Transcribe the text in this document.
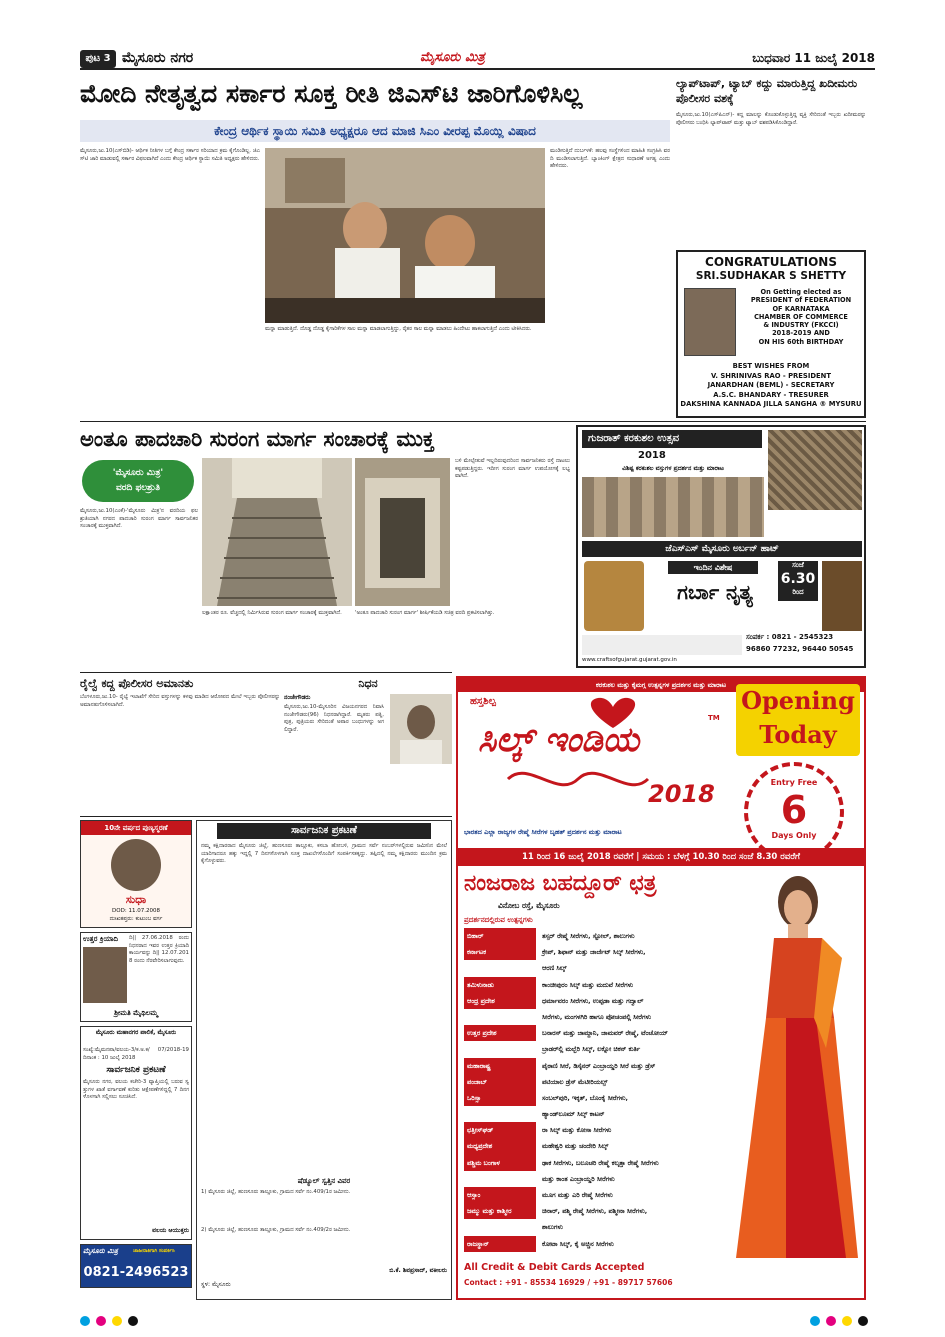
ಪುಟ 3 ಮೈಸೂರು ನಗರ	ಮೈಸೂರು ಮಿತ್ರ	ಬುಧವಾರ 11 ಜುಲೈ 2018
ಮೋದಿ ನೇತೃತ್ವದ ಸರ್ಕಾರ ಸೂಕ್ತ ರೀತಿ ಜಿಎಸ್‌ಟಿ ಜಾರಿಗೊಳಿಸಿಲ್ಲ
ಕೇಂದ್ರ ಆರ್ಥಿಕ ಸ್ಥಾಯಿ ಸಮಿತಿ ಅಧ್ಯಕ್ಷರೂ ಆದ ಮಾಜಿ ಸಿಎಂ ವೀರಪ್ಪ ಮೊಯ್ಲಿ ವಿಷಾದ
ಮೈಸೂರು,ಜು.10(ಎಸ್‌ಬಿಡಿ)- ಆರ್ಥಿಕ ನೀತಿಗಳ ಬಗ್ಗೆ ಕೇಂದ್ರ ಸರ್ಕಾರ ಸರಿಯಾದ ಕ್ರಮ ಕೈಗೊಂಡಿಲ್ಲ. ಜಿಎಸ್‌ಟಿ ಜಾರಿ ಮಾಡುವಲ್ಲಿ ಸರ್ಕಾರ ವಿಫಲವಾಗಿದೆ ಎಂದು ಕೇಂದ್ರ ಆರ್ಥಿಕ ಸ್ಥಾಯಿ ಸಮಿತಿ ಅಧ್ಯಕ್ಷರು ಹೇಳಿದರು.
ಮನ್ನಾ ಮಾಡುತ್ತಿದೆ. ದೊಡ್ಡ ದೊಡ್ಡ ಕೈಗಾರಿಕೆಗಳ ಸಾಲ ಮನ್ನಾ ಮಾಡಲಾಗುತ್ತಿದ್ದು, ರೈತರ ಸಾಲ ಮನ್ನಾ ಮಾಡಲು ಹಿಂದೇಟು ಹಾಕಲಾಗುತ್ತಿದೆ ಎಂದು ಟೀಕಿಸಿದರು.
ಮಂಡಿಸುತ್ತಿದೆ ದುರ್ಬಳಕೆ: ಹಲವು ಸಂಸ್ಥೆಗಳಿಂದ ಮಾಹಿತಿ ಸಂಗ್ರಹಿಸಿ ವರದಿ ಮಂಡಿಸಲಾಗುತ್ತಿದೆ. ಬ್ಯಾಂಕಿಂಗ್ ಕ್ಷೇತ್ರದ ಸುಧಾರಣೆ ಅಗತ್ಯ ಎಂದು ಹೇಳಿದರು.
ಲ್ಯಾಪ್‌ಟಾಪ್, ಟ್ಯಾಬ್ ಕದ್ದು ಮಾರುತ್ತಿದ್ದ ಖದೀಮರು ಪೊಲೀಸರ ವಶಕ್ಕೆ
ಮೈಸೂರು,ಜು.10(ಎಸ್‌ಪಿಎನ್)- ಕದ್ದ ಮಾಲನ್ನು ಕೊಂಡುಕೊಳ್ಳುತ್ತಿದ್ದ ವ್ಯಕ್ತಿ ಸೇರಿದಂತೆ ಇಬ್ಬರು ಖದೀಮರನ್ನು ಪೊಲೀಸರು ಬಂಧಿಸಿ ಲ್ಯಾಪ್‌ಟಾಪ್ ಮತ್ತು ಟ್ಯಾಬ್ ವಶಪಡಿಸಿಕೊಂಡಿದ್ದಾರೆ.
CONGRATULATIONS
SRI.SUDHAKAR S SHETTY
On Getting elected as
PRESIDENT of FEDERATION
OF KARNATAKA
CHAMBER OF COMMERCE
& INDUSTRY (FKCCI)
2018-2019 AND
ON HIS 60th BIRTHDAY
BEST WISHES FROM
V. SHRINIVAS RAO - PRESIDENT
JANARDHAN (BEML) - SECRETARY
A.S.C. BHANDARY - TRESURER
DAKSHINA KANNADA JILLA SANGHA ® MYSURU
ಅಂತೂ ಪಾದಚಾರಿ ಸುರಂಗ ಮಾರ್ಗ ಸಂಚಾರಕ್ಕೆ ಮುಕ್ತ
'ಮೈಸೂರು ಮಿತ್ರ'
ವರದಿ ಫಲಶ್ರುತಿ
ಮೈಸೂರು,ಜು.10(ಎಂಕೆ)-'ಮೈಸೂರು ಮಿತ್ರ'ನ ವರದಿಯ ಫಲಶ್ರುತಿಯಾಗಿ ನಗರದ ಪಾದಚಾರಿ ಸುರಂಗ ಮಾರ್ಗ ಸಾರ್ವಜನಿಕರ ಸಂಚಾರಕ್ಕೆ ಮುಕ್ತವಾಗಿದೆ.
ಲಕ್ಷಾಂತರ ರೂ. ವೆಚ್ಚದಲ್ಲಿ ನಿರ್ಮಿಸಿರುವ ಸುರಂಗ ಮಾರ್ಗ ಸಂಚಾರಕ್ಕೆ ಮುಕ್ತವಾಗಿದೆ.	'ಅಂತೂ ಪಾದಚಾರಿ ಸುರಂಗ ಮಾರ್ಗ' ಶೀರ್ಷಿಕೆಯಡಿ ಸಚಿತ್ರ ವರದಿ ಪ್ರಕಟಿಸಲಾಗಿತ್ತು.
ಬಳಿ ಮೇಲ್ಸೇತುವೆ ಇಲ್ಲದಿರುವುದರಿಂದ ಸಾರ್ವಜನಿಕರು ರಸ್ತೆ ದಾಟಲು ಕಷ್ಟಪಡುತ್ತಿದ್ದರು. ಇದೀಗ ಸುರಂಗ ಮಾರ್ಗ ಉಪಯೋಗಕ್ಕೆ ಲಭ್ಯವಾಗಿದೆ.
ಗುಜರಾತ್ ಕರಕುಶಲ ಉತ್ಸವ
2018
ವಿಶಿಷ್ಟ ಕರಕುಶಲ ವಸ್ತುಗಳ ಪ್ರದರ್ಶನ ಮತ್ತು ಮಾರಾಟ
ಜೆಎಸ್‌ಎಸ್ ಮೈಸೂರು ಅರ್ಬನ್ ಹಾಟ್
ಇಂದಿನ ವಿಶೇಷ
ಗರ್ಬಾ ನೃತ್ಯ
ಸಂಜೆ
6.30
ರಿಂದ
ಸಂಪರ್ಕ : 0821 - 2545323
96860 77232, 96440 50545
www.craftsofgujarat.gujarat.gov.in
ರೈಲ್ವೆ ಕದ್ದ ಪೊಲೀಸರ ಅಮಾನತು
ಬೆಂಗಳೂರು,ಜು.10- ರೈಲ್ವೆ ಇಲಾಖೆಗೆ ಸೇರಿದ ವಸ್ತುಗಳನ್ನು ಕಳವು ಮಾಡಿದ ಆರೋಪದ ಮೇಲೆ ಇಬ್ಬರು ಪೊಲೀಸರನ್ನು ಅಮಾನತುಗೊಳಿಸಲಾಗಿದೆ.
ನಿಧನ
ನಂಜೇಗೌಡರು
ಮೈಸೂರು,ಜು.10-ಮೈಸೂರಿನ ವಿಜಯನಗರದ ನಿವಾಸಿ ನಂಜೇಗೌಡರು(96) ನಿಧನರಾಗಿದ್ದಾರೆ. ಮೃತರು ಪತ್ನಿ, ಪುತ್ರ, ಪುತ್ರಿಯರು ಸೇರಿದಂತೆ ಅಪಾರ ಬಂಧುಗಳನ್ನು ಅಗಲಿದ್ದಾರೆ.
10ನೇ ವರ್ಷದ ಪುಣ್ಯಸ್ಮರಣೆ
ಸುಧಾ
DOD: 11.07.2008
ದುಃಖತಪ್ತರು: ಕುಟುಂಬ ವರ್ಗ
ಉತ್ತರ ಕ್ರಿಯಾದಿ	ದಿ|| 27.06.2018 ರಂದು ನಿಧನರಾದ ಇವರ ಉತ್ತರ ಕ್ರಿಯಾದಿ ಕಾರ್ಯವನ್ನು ದಿ|| 12.07.2018 ರಂದು ನೆರವೇರಿಸಲಾಗುವುದು.
ಶ್ರೀಮತಿ ಮೈಥಿಲಮ್ಮ
ಮೈಸೂರು ಮಹಾನಗರ ಪಾಲಿಕೆ, ಮೈಸೂರು
ಸಂಖ್ಯೆ:ಮೈಮನಪಾ/ವಲಯ-3/ಕ.ಅ.ಕ/ 07/2018-19 ದಿನಾಂಕ : 10 ಜುಲೈ 2018
ಸಾರ್ವಜನಿಕ ಪ್ರಕಟಣೆ
ಮೈಸೂರು ನಗರ, ವಲಯ ಕಚೇರಿ-3 ವ್ಯಾಪ್ತಿಯಲ್ಲಿ ಬರುವ ಸ್ವತ್ತುಗಳ ಖಾತೆ ವರ್ಗಾವಣೆ ಕುರಿತು ಆಕ್ಷೇಪಣೆಗಳಿದ್ದಲ್ಲಿ 7 ದಿನಗಳೊಳಗಾಗಿ ಸಲ್ಲಿಸಲು ಸೂಚಿಸಿದೆ.
ವಲಯ ಆಯುಕ್ತರು
ಮೈಸೂರು ಮಿತ್ರ	ಜಾಹೀರಾತಿಗಾಗಿ ಸಂಪರ್ಕಿಸಿ
0821-2496523
ಸಾರ್ವಜನಿಕ ಪ್ರಕಟಣೆ
ನಮ್ಮ ಕಕ್ಷಿದಾರರಾದ ಮೈಸೂರು ಜಿಲ್ಲೆ, ಹುಣಸೂರು ತಾಲ್ಲೂಕು, ಕಸಬಾ ಹೋಬಳಿ, ಗ್ರಾಮದ ಸರ್ವೆ ನಂಬರ್‌ಗಳಲ್ಲಿರುವ ಜಮೀನಿನ ಮೇಲೆ ಯಾರಿಗಾದರೂ ಹಕ್ಕು ಇದ್ದಲ್ಲಿ 7 ದಿನಗಳೊಳಗಾಗಿ ಸೂಕ್ತ ದಾಖಲೆಗಳೊಂದಿಗೆ ಸಂಪರ್ಕಿಸತಕ್ಕದ್ದು. ತಪ್ಪಿದಲ್ಲಿ ನಮ್ಮ ಕಕ್ಷಿದಾರರು ಮುಂದಿನ ಕ್ರಮ ಕೈಗೊಳ್ಳುವರು.
ಷೆಡ್ಯೂಲ್ ಸ್ವತ್ತಿನ ವಿವರ
1) ಮೈಸೂರು ಜಿಲ್ಲೆ, ಹುಣಸೂರು ತಾಲ್ಲೂಕು, ಗ್ರಾಮದ ಸರ್ವೆ ನಂ.409/1ರ ಜಮೀನು.
2) ಮೈಸೂರು ಜಿಲ್ಲೆ, ಹುಣಸೂರು ತಾಲ್ಲೂಕು, ಗ್ರಾಮದ ಸರ್ವೆ ನಂ.409/2ರ ಜಮೀನು.
ಬಿ.ಕೆ. ಶಿವಪ್ರಸಾದ್, ವಕೀಲರು
ಸ್ಥಳ: ಮೈಸೂರು
ಕರಕುಶಲ ಮತ್ತು ಕೈಮಗ್ಗ ಉತ್ಪನ್ನಗಳ ಪ್ರದರ್ಶನ ಮತ್ತು ಮಾರಾಟ
ಹಸ್ತಶಿಲ್ಪ
ಸಿಲ್ಕ್ ಇಂಡಿಯ
TM
2018
Opening
Today
Entry Free
6
Days Only
ಭಾರತದ ಎಲ್ಲಾ ರಾಜ್ಯಗಳ ರೇಷ್ಮೆ ಸೀರೆಗಳ ಬೃಹತ್ ಪ್ರದರ್ಶನ ಮತ್ತು ಮಾರಾಟ
11 ರಿಂದ 16 ಜುಲೈ 2018 ರವರೆಗೆ | ಸಮಯ : ಬೆಳಗ್ಗೆ 10.30 ರಿಂದ ಸಂಜೆ 8.30 ರವರೆಗೆ
ನಂಜರಾಜ ಬಹದ್ದೂರ್ ಛತ್ರ
ವಿನೋಬ ರಸ್ತೆ, ಮೈಸೂರು
ಪ್ರದರ್ಶನದಲ್ಲಿರುವ ಉತ್ಪನ್ನಗಳು
ಬಿಹಾರ್	ತಸ್ಸರ್ ರೇಷ್ಮೆ ಸೀರೆಗಳು, ಸ್ಟೋಲ್, ಶಾಲುಗಳು
ಕರ್ನಾಟಕ	ಕ್ರೇಪ್, ಶಿಫಾನ್ ಮತ್ತು ಜಾರ್ಜೆಟ್ ಸಿಲ್ಕ್ ಸೀರೆಗಳು,
ಆರಣಿ ಸಿಲ್ಕ್
ತಮಿಳುನಾಡು	ಕಾಂಚೀಪುರಂ ಸಿಲ್ಕ್ ಮತ್ತು ಮದುವೆ ಸೀರೆಗಳು
ಆಂಧ್ರ ಪ್ರದೇಶ	ಧರ್ಮಾವರಂ ಸೀರೆಗಳು, ಉಪ್ಪಡಾ ಮತ್ತು ಗದ್ವಾಲ್
ಸೀರೆಗಳು, ಮಂಗಳಗಿರಿ ಹಾಗೂ ಪೋಚಂಪಲ್ಲಿ ಸೀರೆಗಳು
ಉತ್ತರ ಪ್ರದೇಶ	ಬನಾರಸ್ ಮತ್ತು ಜಾಮ್ದಾನಿ, ಜಾಮವರ್ ರೇಷ್ಮೆ, ಟೆಂಚೋಯ್
ಬ್ರಾಡರ್‌ಲ್ಲಿ ಮಲ್ಬೆರಿ ಸಿಲ್ಕ್, ಲಕ್ನೋ ಚಿಕನ್ ಕುರ್ತಿ
ಮಹಾರಾಷ್ಟ್ರ	ಪೈಠಾಣಿ ಸೀರೆ, ಡಿಸೈನರ್ ಎಂಬ್ರಾಯ್ಡರಿ ಸೀರೆ ಮತ್ತು ಡ್ರೆಸ್
ಪಂಜಾಬ್	ಪಟಿಯಾಲ ಡ್ರೆಸ್ ಮೆಟೀರಿಯಲ್ಸ್
ಒರಿಸ್ಸಾ	ಸಂಬಲ್‌ಪುರಿ, ಇಕ್ಕತ್, ಬೊಂಕೈ ಸೀರೆಗಳು,
ಹ್ಯಾಂಡ್‌ಲೂಮ್ ಸಿಲ್ಕ್ ಕಾಟನ್
ಛತ್ತೀಸ್‌ಘಡ್	ರಾ ಸಿಲ್ಕ್ ಮತ್ತು ಕೋಸಾ ಸೀರೆಗಳು
ಮಧ್ಯಪ್ರದೇಶ	ಮಹೇಶ್ವರಿ ಮತ್ತು ಚಂದೇರಿ ಸಿಲ್ಕ್
ಪಶ್ಚಿಮ ಬಂಗಾಳ	ಢಾಕ ಸೀರೆಗಳು, ಬಲೂಚರಿ ರೇಷ್ಮೆ ಕಲ್ಕತ್ತಾ ರೇಷ್ಮೆ ಸೀರೆಗಳು
ಮತ್ತು ಕಾಂತ ಎಂಬ್ರಾಯ್ಡರಿ ಸೀರೆಗಳು
ಆಸ್ಸಾಂ	ಮೂಗ ಮತ್ತು ಎರಿ ರೇಷ್ಮೆ ಸೀರೆಗಳು
ಜಮ್ಮು ಮತ್ತು ಕಾಶ್ಮೀರ	ಚಿನಾರ್, ಪಶ್ಮಿ ರೇಷ್ಮೆ ಸೀರೆಗಳು, ಪಶ್ಮೀನಾ ಸೀರೆಗಳು,
ಶಾಲುಗಳು
ರಾಜಸ್ಥಾನ್	ಕೋಟಾ ಸಿಲ್ಕ್, ಕೈ ಅಚ್ಚಿನ ಸೀರೆಗಳು
All Credit & Debit Cards Accepted
Contact : +91 - 85534 16929 / +91 - 89717 57606
